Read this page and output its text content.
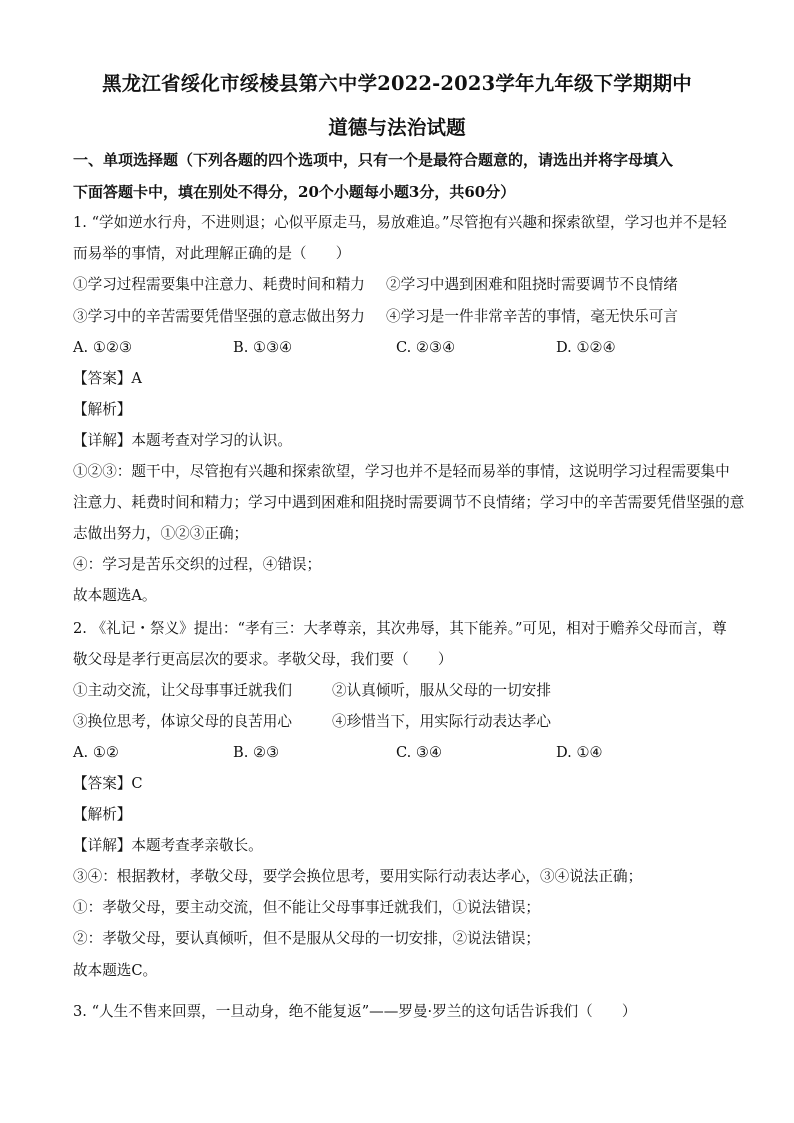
黑龙江省绥化市绥棱县第六中学2022-2023学年九年级下学期期中
道德与法治试题
一、单项选择题（下列各题的四个选项中，只有一个是最符合题意的，请选出并将字母填入
下面答题卡中，填在别处不得分，20个小题每小题3分，共60分）
1. “学如逆水行舟，不进则退；心似平原走马，易放难追。”尽管抱有兴趣和探索欲望，学习也并不是轻
而易举的事情，对此理解正确的是（　　）
①学习过程需要集中注意力、耗费时间和精力 ②学习中遇到困难和阻挠时需要调节不良情绪
③学习中的辛苦需要凭借坚强的意志做出努力 ④学习是一件非常辛苦的事情，毫无快乐可言
A. ①②③	B. ①③④	C. ②③④	D. ①②④
【答案】A
【解析】
【详解】本题考查对学习的认识。
①②③：题干中，尽管抱有兴趣和探索欲望，学习也并不是轻而易举的事情，这说明学习过程需要集中
注意力、耗费时间和精力；学习中遇到困难和阻挠时需要调节不良情绪；学习中的辛苦需要凭借坚强的意
志做出努力，①②③正确；
④：学习是苦乐交织的过程，④错误；
故本题选A。
2. 《礼记・祭义》提出：“孝有三：大孝尊亲，其次弗辱，其下能养。”可见，相对于赡养父母而言，尊
敬父母是孝行更高层次的要求。孝敬父母，我们要（　　）
①主动交流，让父母事事迁就我们	②认真倾听，服从父母的一切安排
③换位思考，体谅父母的良苦用心	④珍惜当下，用实际行动表达孝心
A. ①②	B. ②③	C. ③④	D. ①④
【答案】C
【解析】
【详解】本题考查孝亲敬长。
③④：根据教材，孝敬父母，要学会换位思考，要用实际行动表达孝心，③④说法正确；
①：孝敬父母，要主动交流，但不能让父母事事迁就我们，①说法错误；
②：孝敬父母，要认真倾听，但不是服从父母的一切安排，②说法错误；
故本题选C。
3. “人生不售来回票，一旦动身，绝不能复返”——罗曼·罗兰的这句话告诉我们（　　）
